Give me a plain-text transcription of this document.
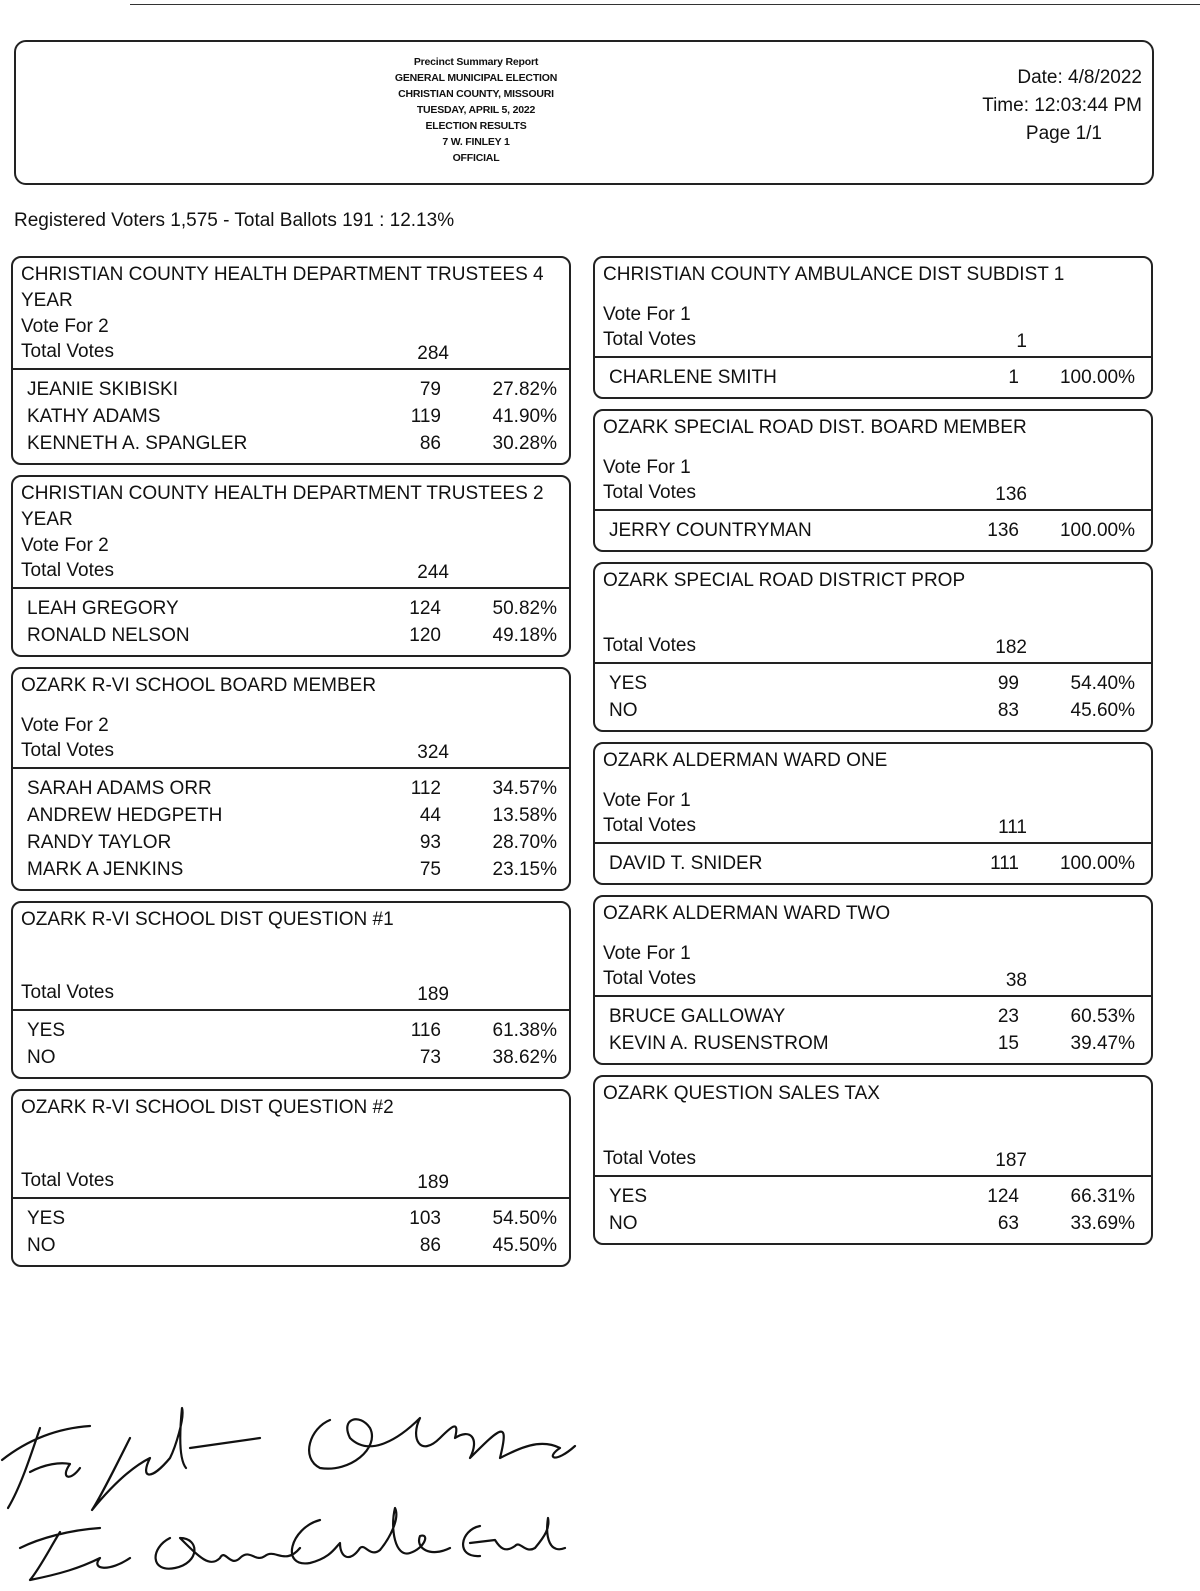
Precinct Summary Report
GENERAL MUNICIPAL ELECTION
CHRISTIAN COUNTY, MISSOURI
TUESDAY, APRIL 5, 2022
ELECTION RESULTS
7 W. FINLEY 1
OFFICIAL
Date: 4/8/2022
Time: 12:03:44 PM
Page 1/1
Registered Voters 1,575 - Total Ballots 191 : 12.13%
CHRISTIAN COUNTY HEALTH DEPARTMENT TRUSTEES 4 YEAR
Vote For 2
Total Votes	284
JEANIE SKIBISKI	79	27.82%
KATHY ADAMS	119	41.90%
KENNETH A. SPANGLER	86	30.28%
CHRISTIAN COUNTY HEALTH DEPARTMENT TRUSTEES 2 YEAR
Vote For 2
Total Votes	244
LEAH GREGORY	124	50.82%
RONALD NELSON	120	49.18%
OZARK R-VI SCHOOL BOARD MEMBER
Vote For 2
Total Votes	324
SARAH ADAMS ORR	112	34.57%
ANDREW HEDGPETH	44	13.58%
RANDY TAYLOR	93	28.70%
MARK A JENKINS	75	23.15%
OZARK R-VI SCHOOL DIST QUESTION #1
Total Votes	189
YES	116	61.38%
NO	73	38.62%
OZARK R-VI SCHOOL DIST QUESTION #2
Total Votes	189
YES	103	54.50%
NO	86	45.50%
CHRISTIAN COUNTY AMBULANCE DIST SUBDIST 1
Vote For 1
Total Votes	1
CHARLENE SMITH	1	100.00%
OZARK SPECIAL ROAD DIST. BOARD MEMBER
Vote For 1
Total Votes	136
JERRY COUNTRYMAN	136	100.00%
OZARK SPECIAL ROAD DISTRICT PROP
Total Votes	182
YES	99	54.40%
NO	83	45.60%
OZARK ALDERMAN WARD ONE
Vote For 1
Total Votes	111
DAVID T. SNIDER	111	100.00%
OZARK ALDERMAN WARD TWO
Vote For 1
Total Votes	38
BRUCE GALLOWAY	23	60.53%
KEVIN A. RUSENSTROM	15	39.47%
OZARK QUESTION SALES TAX
Total Votes	187
YES	124	66.31%
NO	63	33.69%
